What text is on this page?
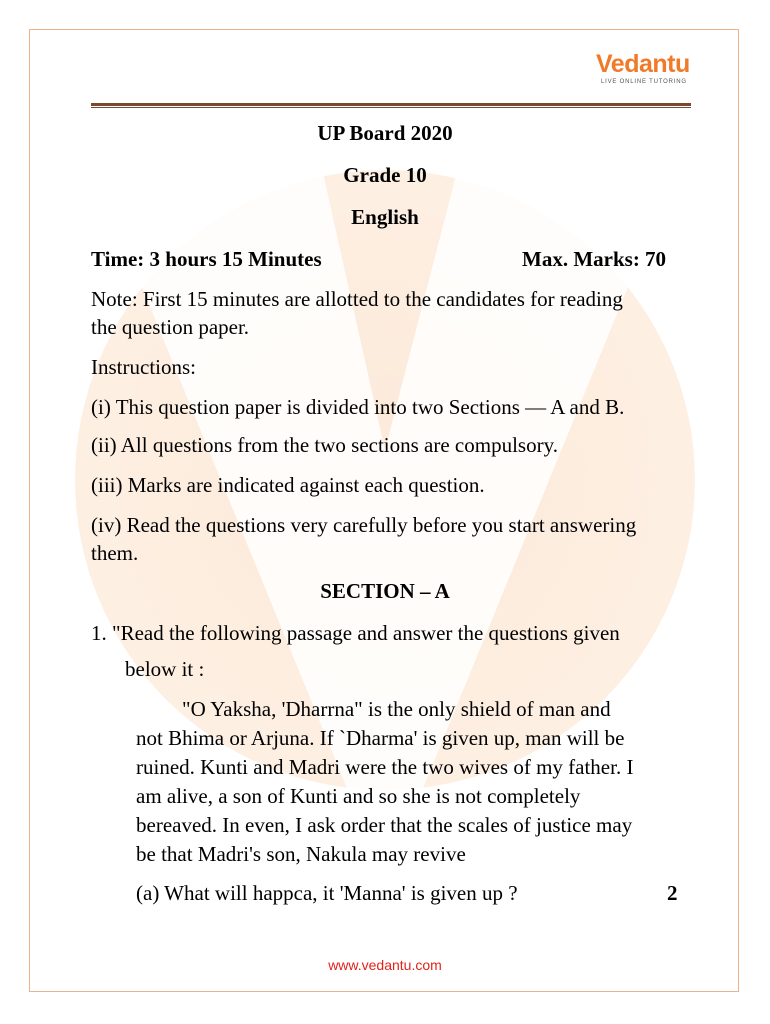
Vedantu
LIVE ONLINE TUTORING
UP Board 2020
Grade 10
English
Time: 3 hours 15 Minutes	Max. Marks: 70
Note: First 15 minutes are allotted to the candidates for reading
the question paper.
Instructions:
(i) This question paper is divided into two Sections — A and B.
(ii) All questions from the two sections are compulsory.
(iii) Marks are indicated against each question.
(iv) Read the questions very carefully before you start answering
them.
SECTION – A
1. "Read the following passage and answer the questions given
below it :
"O Yaksha, 'Dharrna" is the only shield of man and
not Bhima or Arjuna. If `Dharma' is given up, man will be
ruined. Kunti and Madri were the two wives of my father. I
am alive, a son of Kunti and so she is not completely
bereaved. In even, I ask order that the scales of justice may
be that Madri's son, Nakula may revive
(a) What will happca, it 'Manna' is given up ?	2
www.vedantu.com
